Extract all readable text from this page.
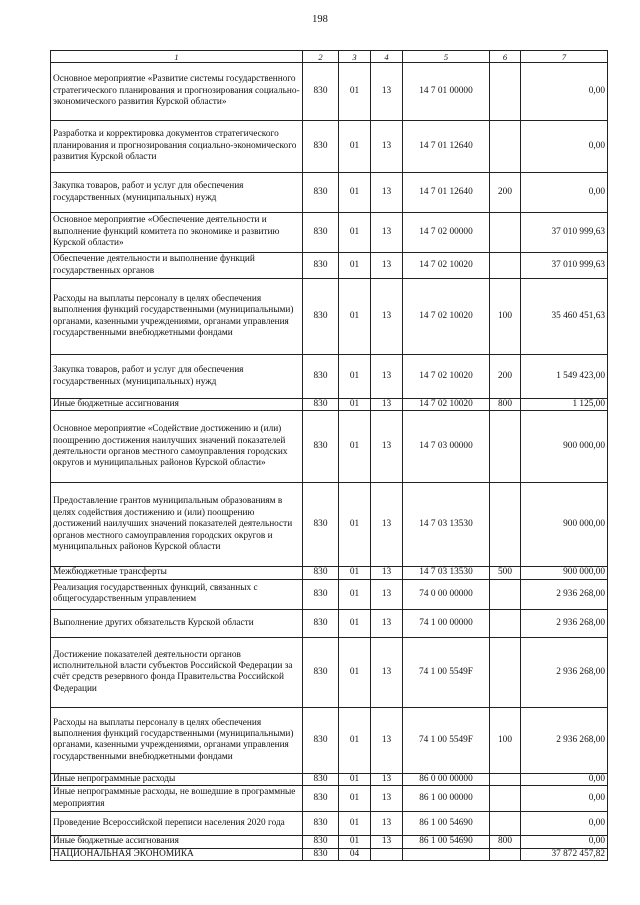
198
1	2	3	4	5	6	7
Основное мероприятие «Развитие системы государственного стратегического планирования и прогнозирования социально-экономического развития Курской области»	830	01	13	14 7 01 00000		0,00
Разработка и корректировка документов стратегического планирования и прогнозирования социально-экономического развития Курской области	830	01	13	14 7 01 12640		0,00
Закупка товаров, работ и услуг для обеспечения государственных (муниципальных) нужд	830	01	13	14 7 01 12640	200	0,00
Основное мероприятие «Обеспечение деятельности и выполнение функций комитета по экономике и развитию Курской области»	830	01	13	14 7 02 00000		37 010 999,63
Обеспечение деятельности и выполнение функций государственных органов	830	01	13	14 7 02 10020		37 010 999,63
Расходы на выплаты персоналу в целях обеспечения выполнения функций государственными (муниципальными) органами, казенными учреждениями, органами управления государственными внебюджетными фондами	830	01	13	14 7 02 10020	100	35 460 451,63
Закупка товаров, работ и услуг для обеспечения государственных (муниципальных) нужд	830	01	13	14 7 02 10020	200	1 549 423,00
Иные бюджетные ассигнования	830	01	13	14 7 02 10020	800	1 125,00
Основное мероприятие «Содействие достижению и (или) поощрению достижения наилучших значений показателей деятельности органов местного самоуправления городских округов и муниципальных районов Курской области»	830	01	13	14 7 03 00000		900 000,00
Предоставление грантов муниципальным образованиям в целях содействия достижению и (или) поощрению достижений наилучших значений показателей деятельности органов местного самоуправления городских округов и муниципальных районов Курской области	830	01	13	14 7 03 13530		900 000,00
Межбюджетные трансферты	830	01	13	14 7 03 13530	500	900 000,00
Реализация государственных функций, связанных с общегосударственным управлением	830	01	13	74 0 00 00000		2 936 268,00
Выполнение других обязательств Курской области	830	01	13	74 1 00 00000		2 936 268,00
Достижение показателей деятельности органов исполнительной власти субъектов Российской Федерации за счёт средств резервного фонда Правительства Российской Федерации	830	01	13	74 1 00 5549F		2 936 268,00
Расходы на выплаты персоналу в целях обеспечения выполнения функций государственными (муниципальными) органами, казенными учреждениями, органами управления государственными внебюджетными фондами	830	01	13	74 1 00 5549F	100	2 936 268,00
Иные непрограммные расходы	830	01	13	86 0 00 00000		0,00
Иные непрограммные расходы, не вошедшие в программные мероприятия	830	01	13	86 1 00 00000		0,00
Проведение Всероссийской переписи населения 2020 года	830	01	13	86 1 00 54690		0,00
Иные бюджетные ассигнования	830	01	13	86 1 00 54690	800	0,00
НАЦИОНАЛЬНАЯ ЭКОНОМИКА	830	04				37 872 457,82
